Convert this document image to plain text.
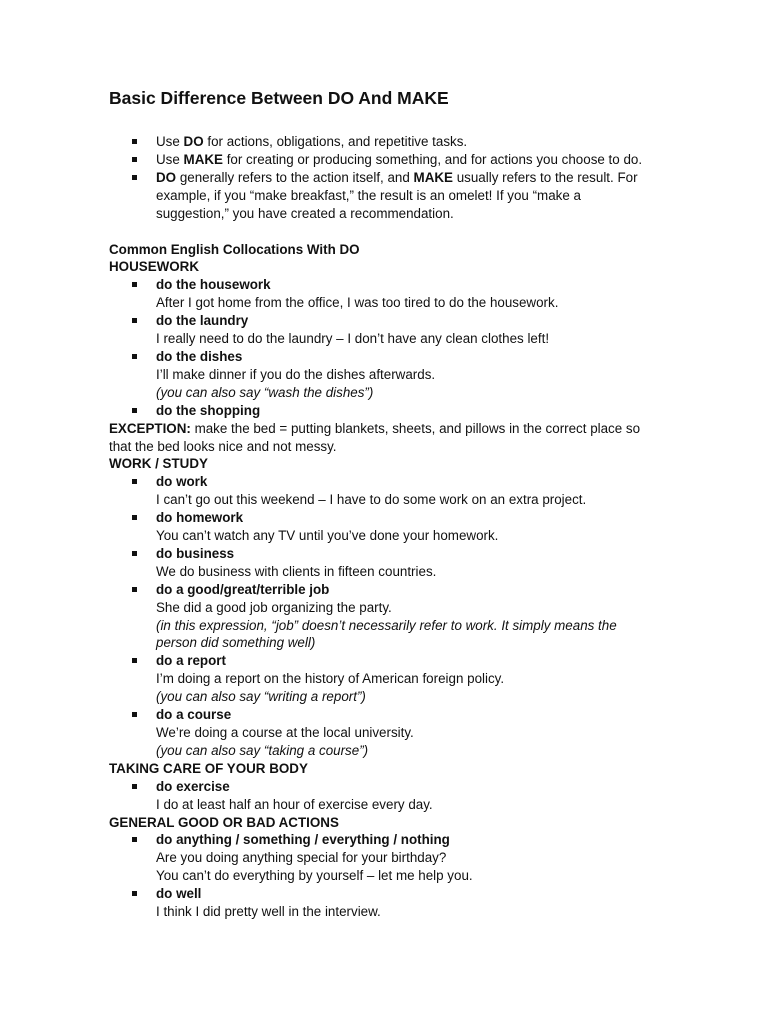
Basic Difference Between DO And MAKE
Use DO for actions, obligations, and repetitive tasks.
Use MAKE for creating or producing something, and for actions you choose to do.
DO generally refers to the action itself, and MAKE usually refers to the result. For example, if you “make breakfast,” the result is an omelet! If you “make a suggestion,” you have created a recommendation.
Common English Collocations With DO
HOUSEWORK
do the housework
After I got home from the office, I was too tired to do the housework.
do the laundry
I really need to do the laundry – I don’t have any clean clothes left!
do the dishes
I’ll make dinner if you do the dishes afterwards.
(you can also say “wash the dishes”)
do the shopping
EXCEPTION: make the bed = putting blankets, sheets, and pillows in the correct place so that the bed looks nice and not messy.
WORK / STUDY
do work
I can’t go out this weekend – I have to do some work on an extra project.
do homework
You can’t watch any TV until you’ve done your homework.
do business
We do business with clients in fifteen countries.
do a good/great/terrible job
She did a good job organizing the party.
(in this expression, “job” doesn’t necessarily refer to work. It simply means the person did something well)
do a report
I’m doing a report on the history of American foreign policy.
(you can also say “writing a report”)
do a course
We’re doing a course at the local university.
(you can also say “taking a course”)
TAKING CARE OF YOUR BODY
do exercise
I do at least half an hour of exercise every day.
GENERAL GOOD OR BAD ACTIONS
do anything / something / everything / nothing
Are you doing anything special for your birthday?
You can’t do everything by yourself – let me help you.
do well
I think I did pretty well in the interview.
